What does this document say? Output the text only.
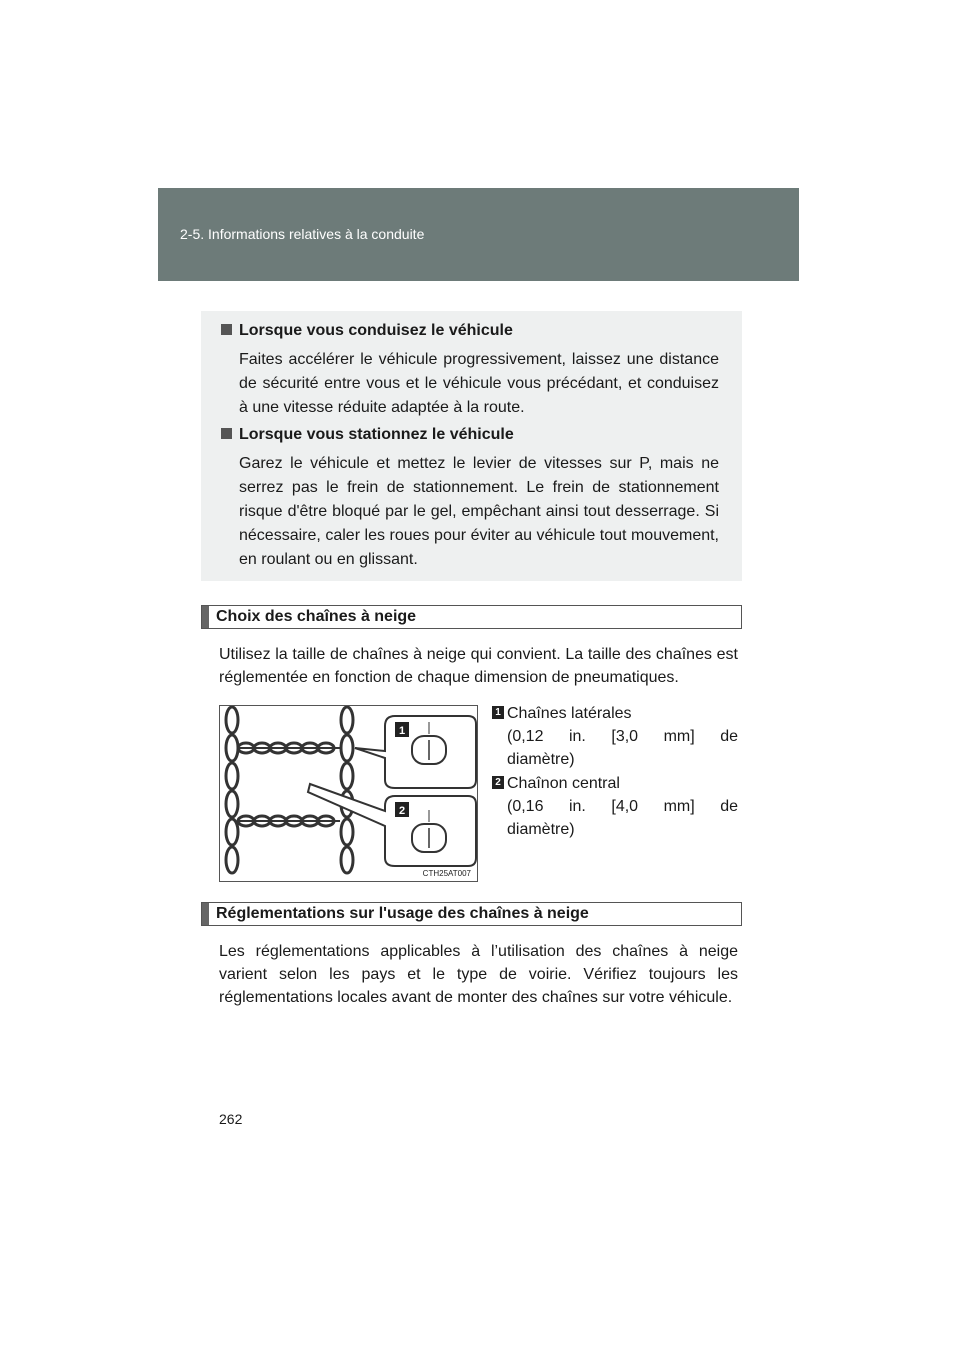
2-5. Informations relatives à la conduite
Lorsque vous conduisez le véhicule
Faites accélérer le véhicule progressivement, laissez une distance de sécurité entre vous et le véhicule vous précédant, et conduisez à une vitesse réduite adaptée à la route.
Lorsque vous stationnez le véhicule
Garez le véhicule et mettez le levier de vitesses sur P, mais ne serrez pas le frein de stationnement. Le frein de stationnement risque d'être bloqué par le gel, empêchant ainsi tout desserrage. Si nécessaire, caler les roues pour éviter au véhicule tout mouvement, en roulant ou en glissant.
Choix des chaînes à neige
Utilisez la taille de chaînes à neige qui convient. La taille des chaînes est réglementée en fonction de chaque dimension de pneumatiques.
1
2
CTH25AT007
1 Chaînes latérales
(0,12 in. [3,0 mm] de
diamètre)
2 Chaînon central
(0,16 in. [4,0 mm] de
diamètre)
Réglementations sur l'usage des chaînes à neige
Les réglementations applicables à l’utilisation des chaînes à neige varient selon les pays et le type de voirie. Vérifiez toujours les réglementations locales avant de monter des chaînes sur votre véhicule.
262
